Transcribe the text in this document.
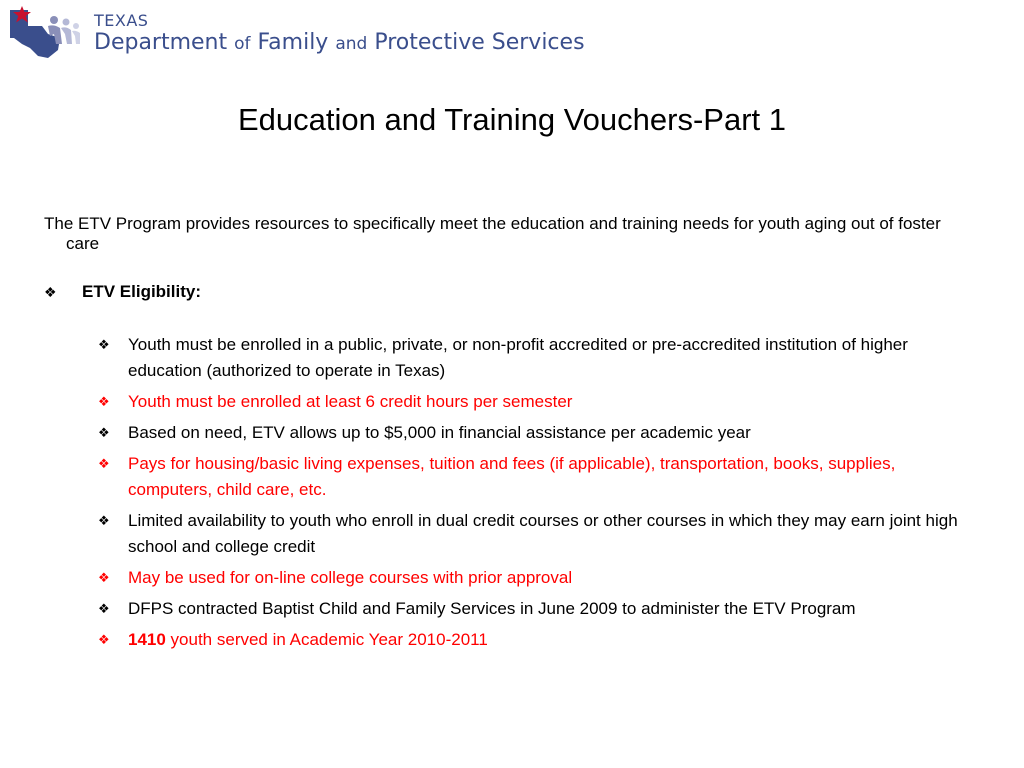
TEXAS
Department of Family and Protective Services
Education and Training Vouchers-Part 1
The ETV Program provides resources to specifically meet the education and training needs for youth aging out of foster care
❖	ETV Eligibility:
❖	Youth must be enrolled in a public, private, or non-profit accredited or pre-accredited institution of higher education (authorized to operate in Texas)
❖	Youth must be enrolled at least 6 credit hours per semester
❖	Based on need, ETV allows up to $5,000 in financial assistance per academic year
❖	Pays for housing/basic living expenses, tuition and fees (if applicable), transportation, books, supplies, computers, child care, etc.
❖	Limited availability to youth who enroll in dual credit courses or other courses in which they may earn joint high school and college credit
❖	May be used for on-line college courses with prior approval
❖	DFPS contracted Baptist Child and Family Services in June 2009 to administer the ETV Program
❖	1410 youth served in Academic Year 2010-2011
